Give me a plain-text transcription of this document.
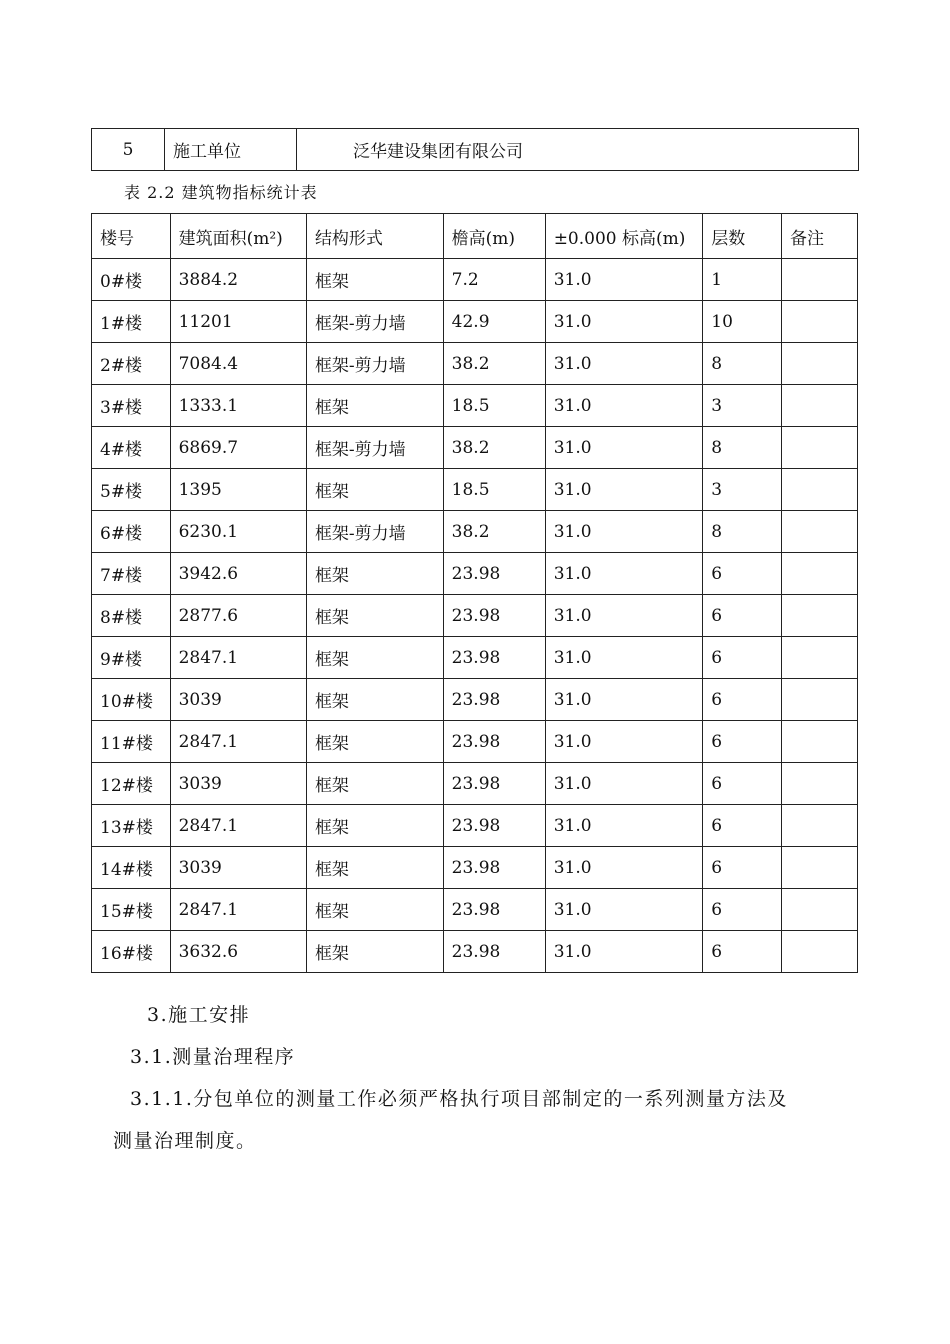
5	施工单位	泛华建设集团有限公司
表 2.2 建筑物指标统计表
楼号	建筑面积(m²)	结构形式	檐高(m)	±0.000 标高(m)	层数	备注
0#楼	3884.2	框架	7.2	31.0	1	
1#楼	11201	框架-剪力墙	42.9	31.0	10	
2#楼	7084.4	框架-剪力墙	38.2	31.0	8	
3#楼	1333.1	框架	18.5	31.0	3	
4#楼	6869.7	框架-剪力墙	38.2	31.0	8	
5#楼	1395	框架	18.5	31.0	3	
6#楼	6230.1	框架-剪力墙	38.2	31.0	8	
7#楼	3942.6	框架	23.98	31.0	6	
8#楼	2877.6	框架	23.98	31.0	6	
9#楼	2847.1	框架	23.98	31.0	6	
10#楼	3039	框架	23.98	31.0	6	
11#楼	2847.1	框架	23.98	31.0	6	
12#楼	3039	框架	23.98	31.0	6	
13#楼	2847.1	框架	23.98	31.0	6	
14#楼	3039	框架	23.98	31.0	6	
15#楼	2847.1	框架	23.98	31.0	6	
16#楼	3632.6	框架	23.98	31.0	6	
3.施工安排
3.1.测量治理程序
3.1.1.分包单位的测量工作必须严格执行项目部制定的一系列测量方法及
测量治理制度。
